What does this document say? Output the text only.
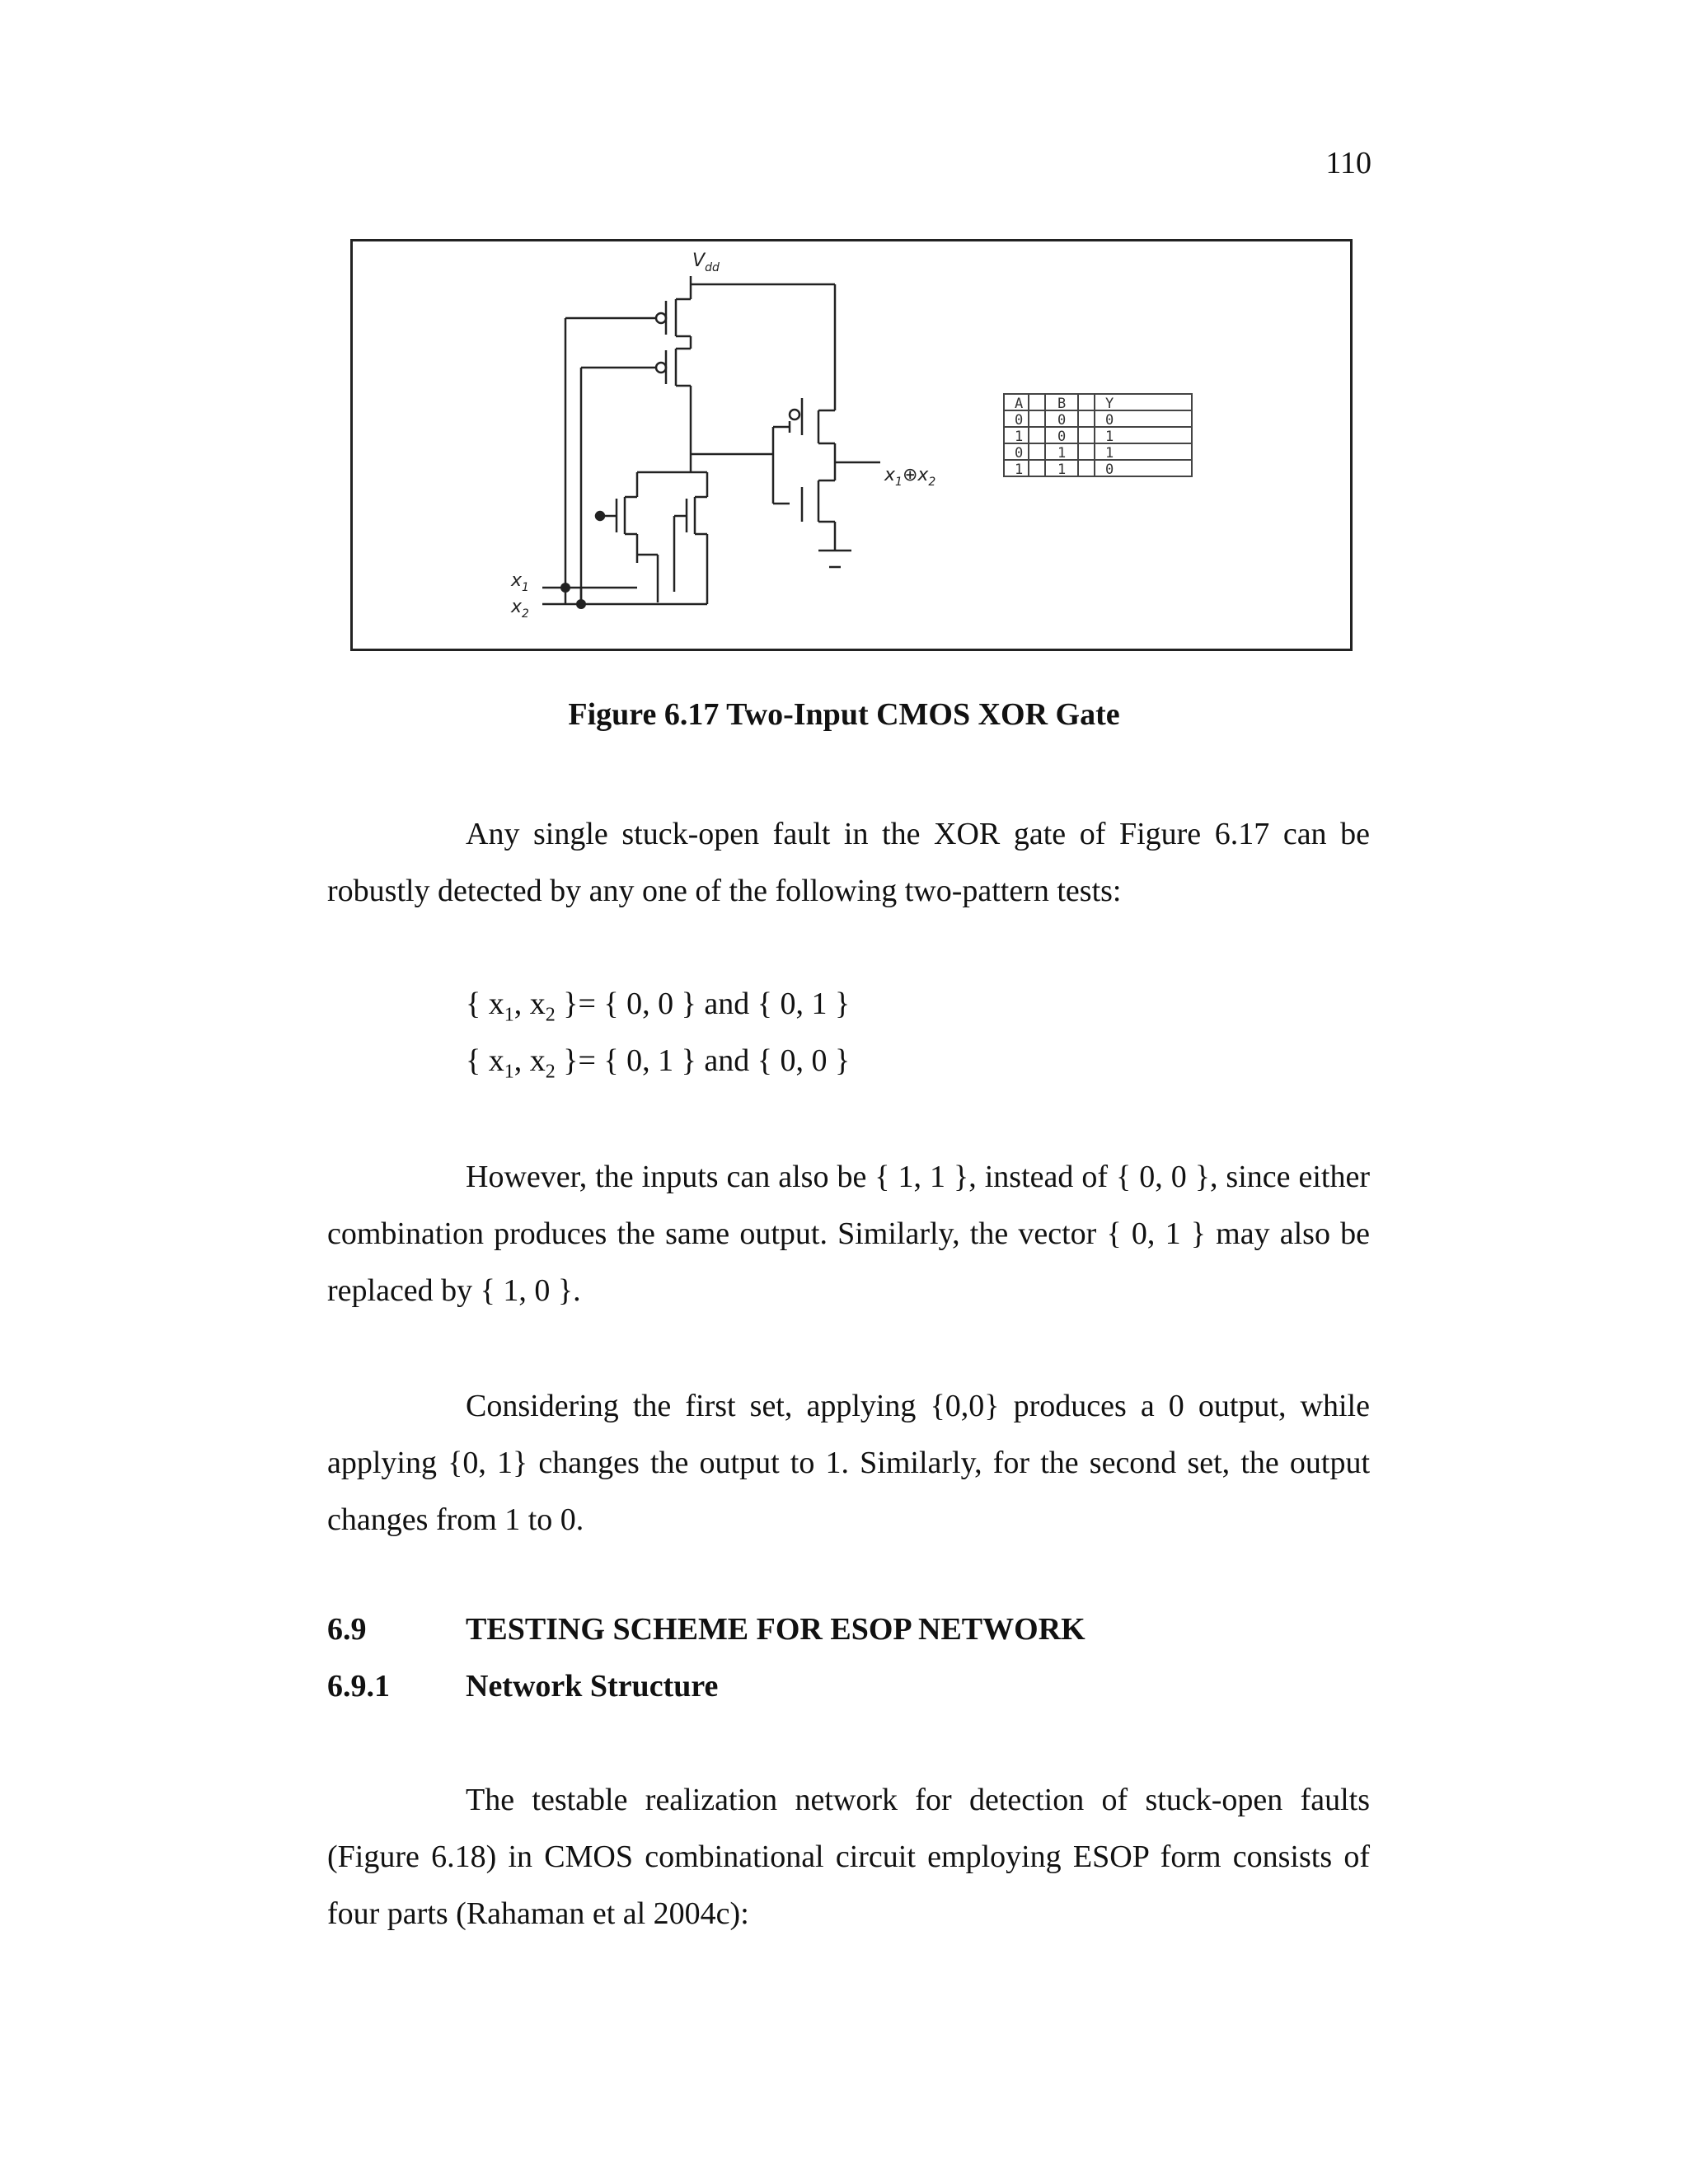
110
$V_{dd}$
$x_1$
$x_2$
$x_1\oplus x_2$
A B	Y
0 0	0
1 0	1
0 1	1
1 1	0
Figure 6.17 Two-Input CMOS XOR Gate

Any single stuck-open fault in the XOR gate of Figure 6.17 can be robustly detected by any one of the following two-pattern tests:

{ $x_1$, $x_2$ }= { 0, 0 } and { 0, 1 }
{ $x_1$, $x_2$ }= { 0, 1 } and { 0, 0 }

However, the inputs can also be { 1, 1 }, instead of { 0, 0 }, since either combination produces the same output. Similarly, the vector { 0, 1 } may also be replaced by { 1, 0 }.

Considering the first set, applying {0,0} produces a 0 output, while applying {0, 1} changes the output to 1. Similarly, for the second set, the output changes from 1 to 0.

6.9	TESTING SCHEME FOR ESOP NETWORK
6.9.1 Network Structure

The testable realization network for detection of stuck-open faults (Figure 6.18) in CMOS combinational circuit employing ESOP form consists of four parts (Rahaman et al 2004c):
